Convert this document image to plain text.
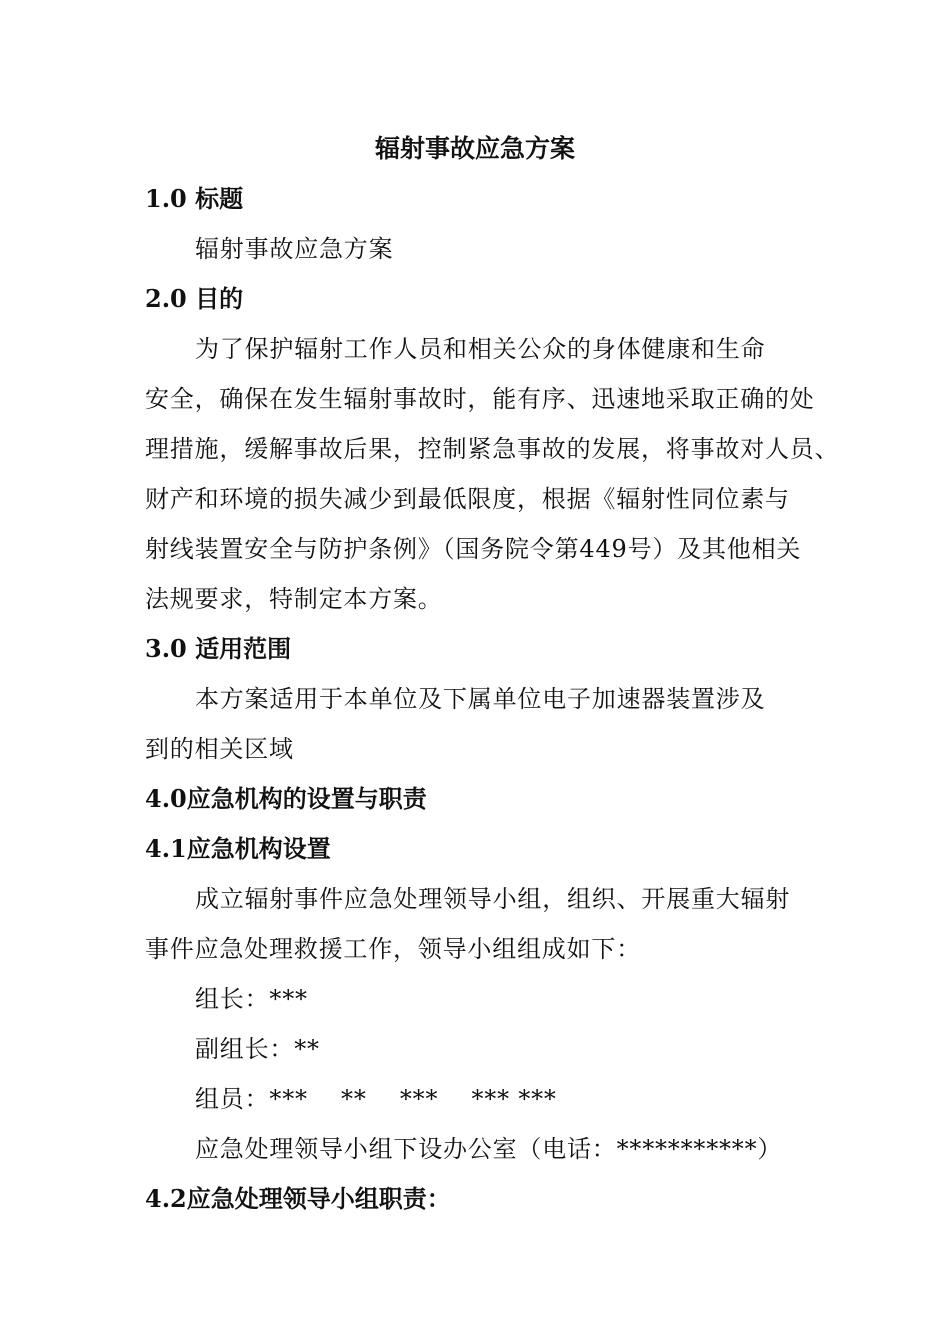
辐射事故应急方案
1.0 标题
辐射事故应急方案
2.0 目的
为了保护辐射工作人员和相关公众的身体健康和生命
安全，确保在发生辐射事故时，能有序、迅速地采取正确的处
理措施，缓解事故后果，控制紧急事故的发展，将事故对人员、
财产和环境的损失减少到最低限度，根据《辐射性同位素与
射线装置安全与防护条例》（国务院令第449号）及其他相关
法规要求，特制定本方案。
3.0 适用范围
本方案适用于本单位及下属单位电子加速器装置涉及
到的相关区域
4.0应急机构的设置与职责
4.1应急机构设置
成立辐射事件应急处理领导小组，组织、开展重大辐射
事件应急处理救援工作，领导小组组成如下：
组长：***
副组长：**
组员：***　 **　 ***　 *** ***
应急处理领导小组下设办公室（电话：***********）
4.2应急处理领导小组职责：
